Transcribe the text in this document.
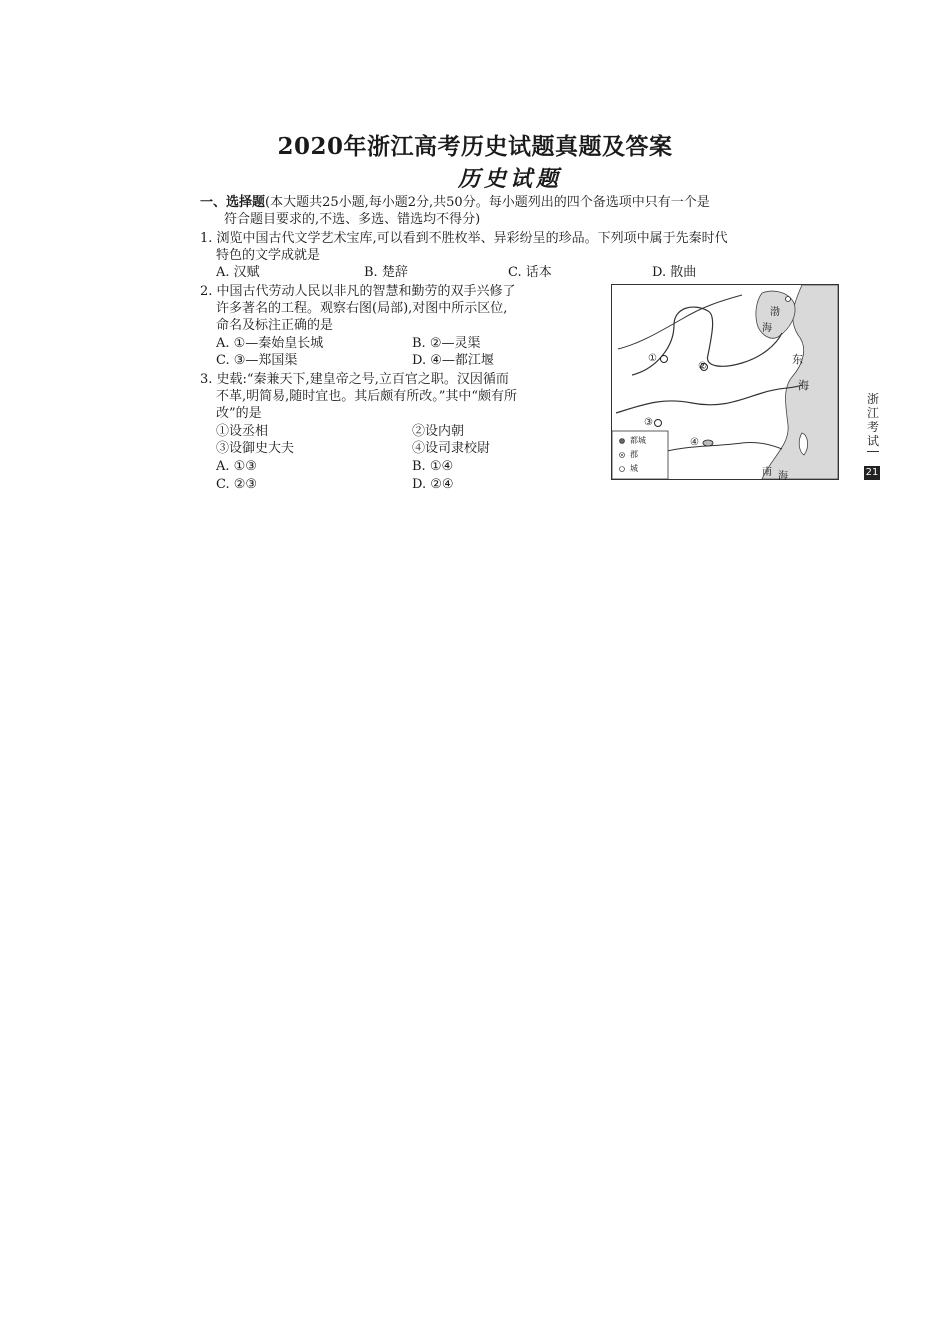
2020年浙江高考历史试题真题及答案
历史试题
一、选择题(本大题共25小题,每小题2分,共50分。每小题列出的四个备选项中只有一个是
符合题目要求的,不选、多选、错选均不得分)
1. 浏览中国古代文学艺术宝库,可以看到不胜枚举、异彩纷呈的珍品。下列项中属于先秦时代
特色的文学成就是
A. 汉赋	B. 楚辞	C. 话本	D. 散曲
2. 中国古代劳动人民以非凡的智慧和勤劳的双手兴修了
许多著名的工程。观察右图(局部),对图中所示区位,
命名及标注正确的是
A. ①—秦始皇长城	B. ②—灵渠
C. ③—郑国渠	D. ④—都江堰
3. 史载:“秦兼天下,建皇帝之号,立百官之职。汉因循而
不革,明简易,随时宜也。其后颇有所改。”其中“颇有所
改”的是
①设丞相	②设内朝
③设御史大夫	④设司隶校尉
A. ①③	B. ①④
C. ②③	D. ②④
渤
海
东
海
南 海
①
②
③
④
都城
郡
城
浙
江
考
试
21
